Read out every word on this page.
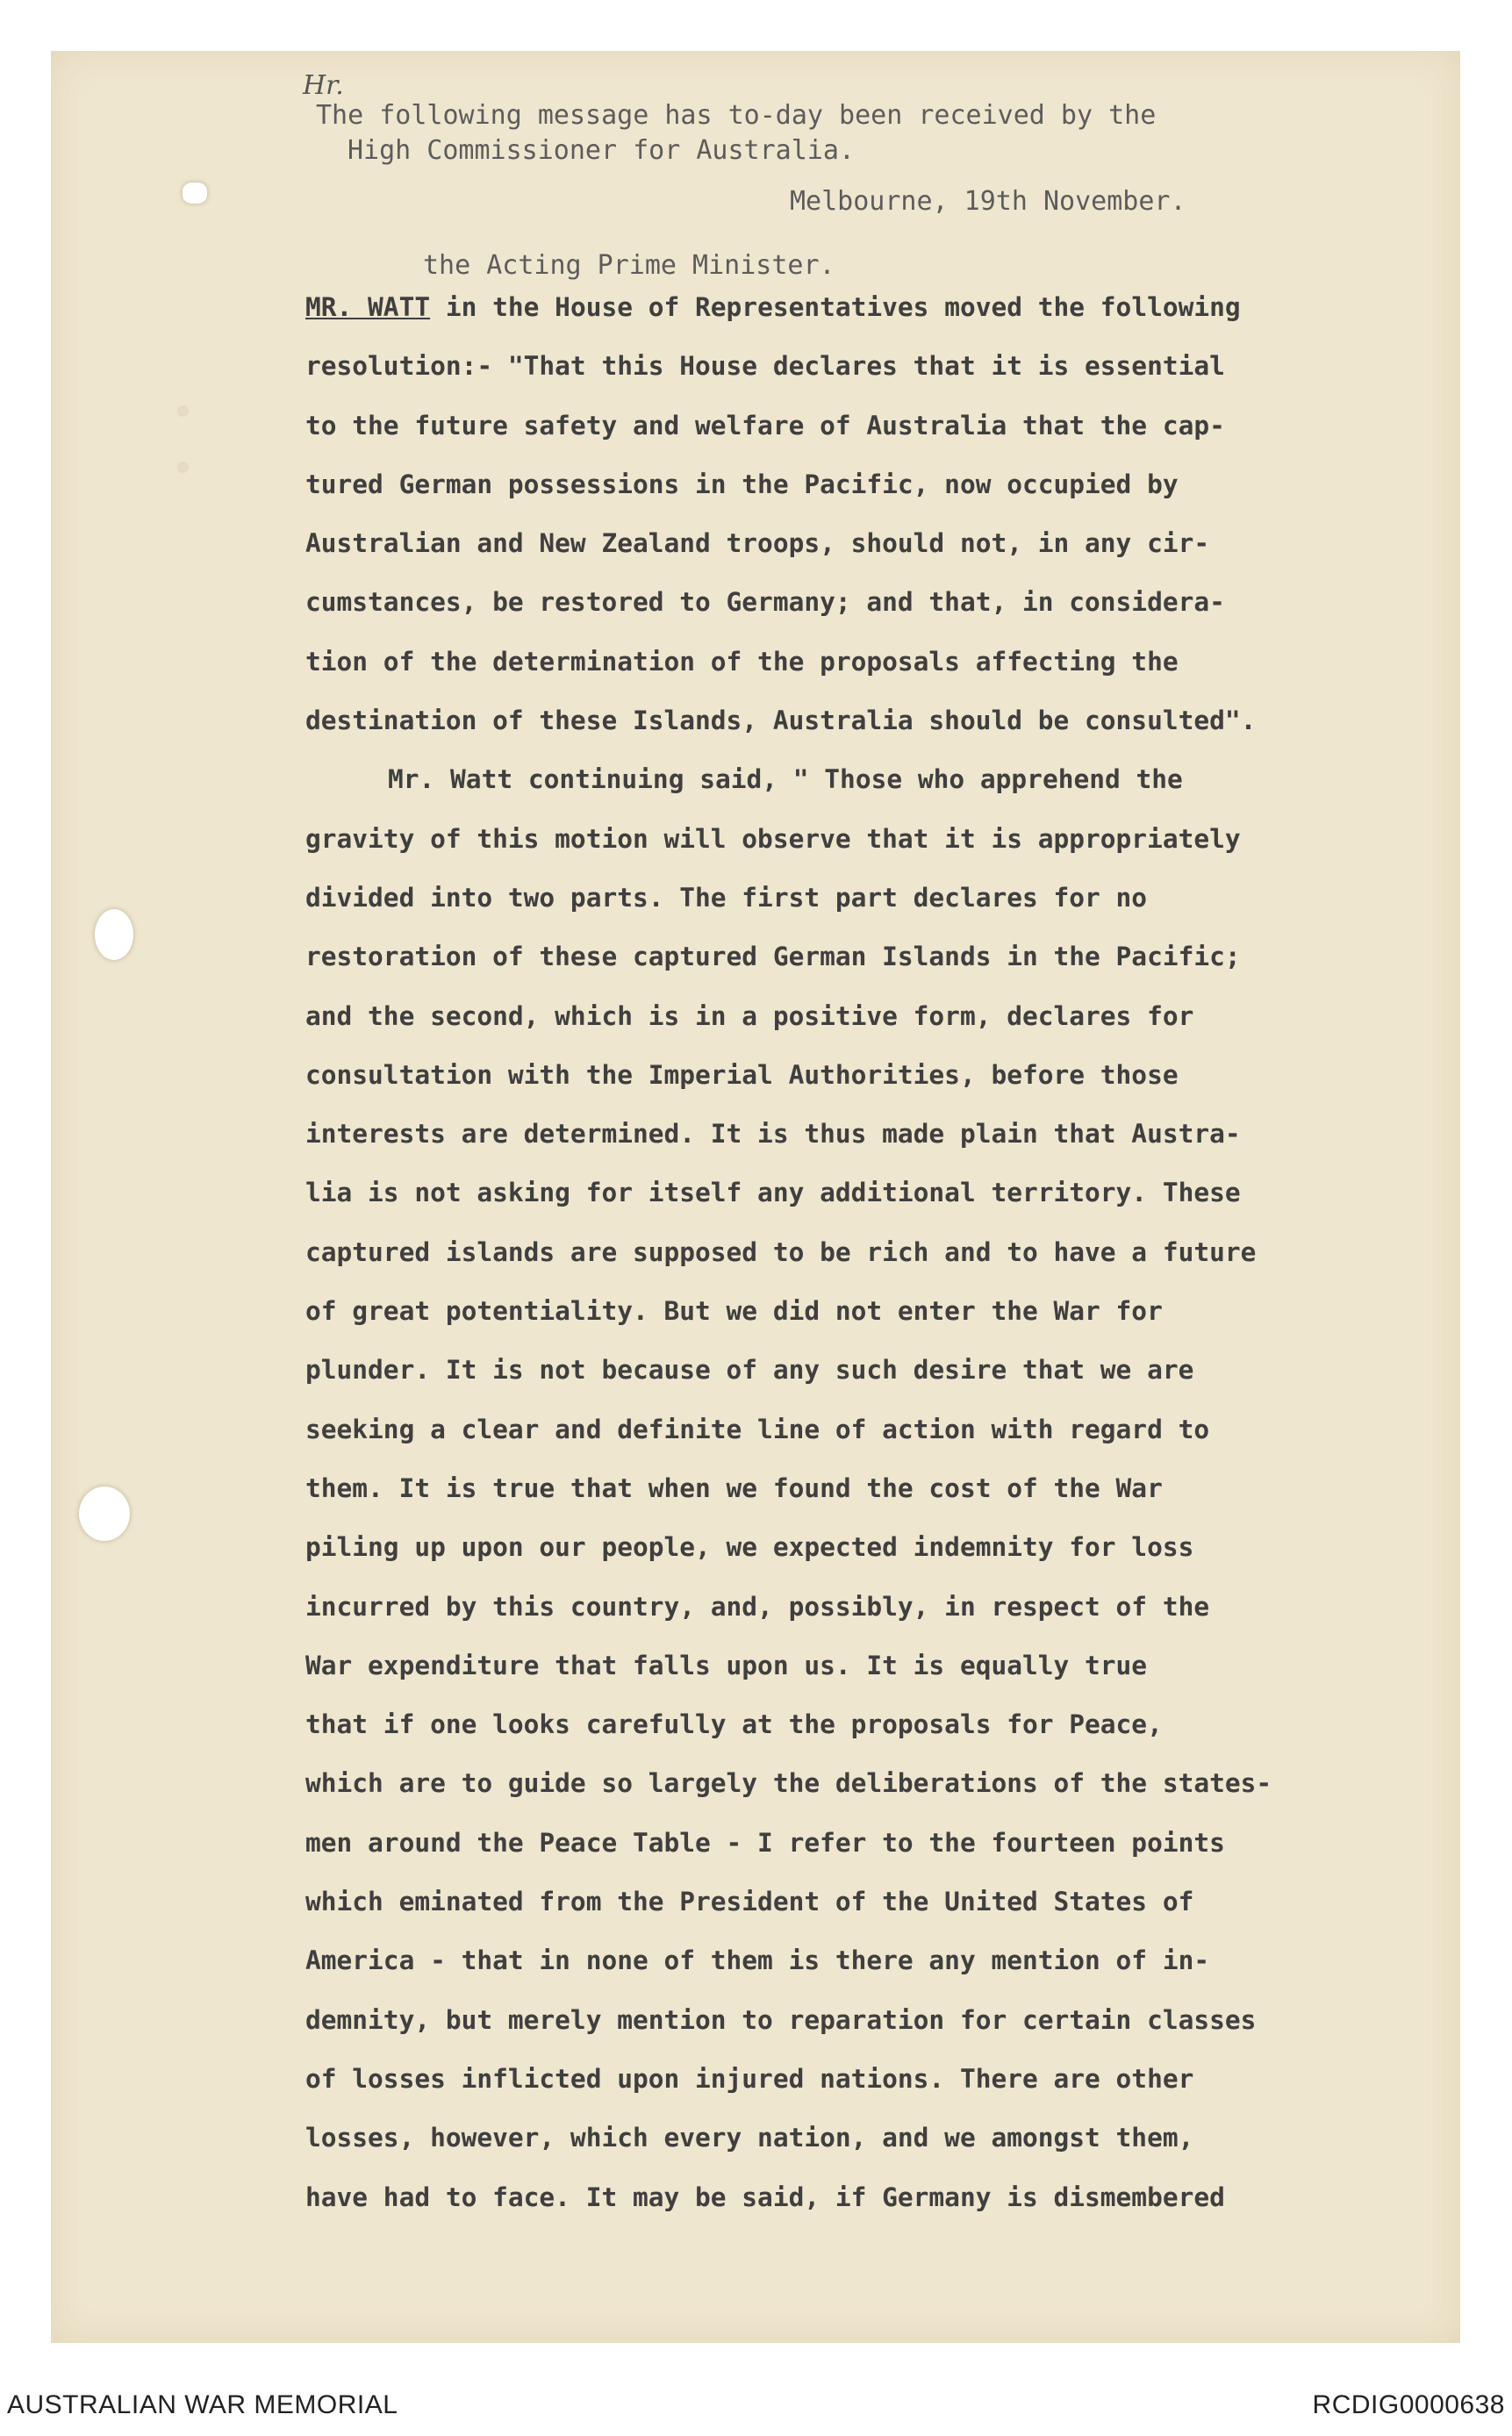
Hr.
The following message has to-day been received by the
High Commissioner for Australia.
Melbourne, 19th November.
the Acting Prime Minister.
MR. WATT in the House of Representatives moved the following
resolution:- "That this House declares that it is essential
to the future safety and welfare of Australia that the cap-
tured German possessions in the Pacific, now occupied by
Australian and New Zealand troops, should not, in any cir-
cumstances, be restored to Germany; and that, in considera-
tion of the determination of the proposals affecting the
destination of these Islands, Australia should be consulted".
Mr. Watt continuing said, " Those who apprehend the
gravity of this motion will observe that it is appropriately
divided into two parts. The first part declares for no
restoration of these captured German Islands in the Pacific;
and the second, which is in a positive form, declares for
consultation with the Imperial Authorities, before those
interests are determined. It is thus made plain that Austra-
lia is not asking for itself any additional territory. These
captured islands are supposed to be rich and to have a future
of great potentiality. But we did not enter the War for
plunder. It is not because of any such desire that we are
seeking a clear and definite line of action with regard to
them. It is true that when we found the cost of the War
piling up upon our people, we expected indemnity for loss
incurred by this country, and, possibly, in respect of the
War expenditure that falls upon us. It is equally true
that if one looks carefully at the proposals for Peace,
which are to guide so largely the deliberations of the states-
men around the Peace Table - I refer to the fourteen points
which eminated from the President of the United States of
America - that in none of them is there any mention of in-
demnity, but merely mention to reparation for certain classes
of losses inflicted upon injured nations. There are other
losses, however, which every nation, and we amongst them,
have had to face. It may be said, if Germany is dismembered
AUSTRALIAN WAR MEMORIAL	RCDIG0000638
